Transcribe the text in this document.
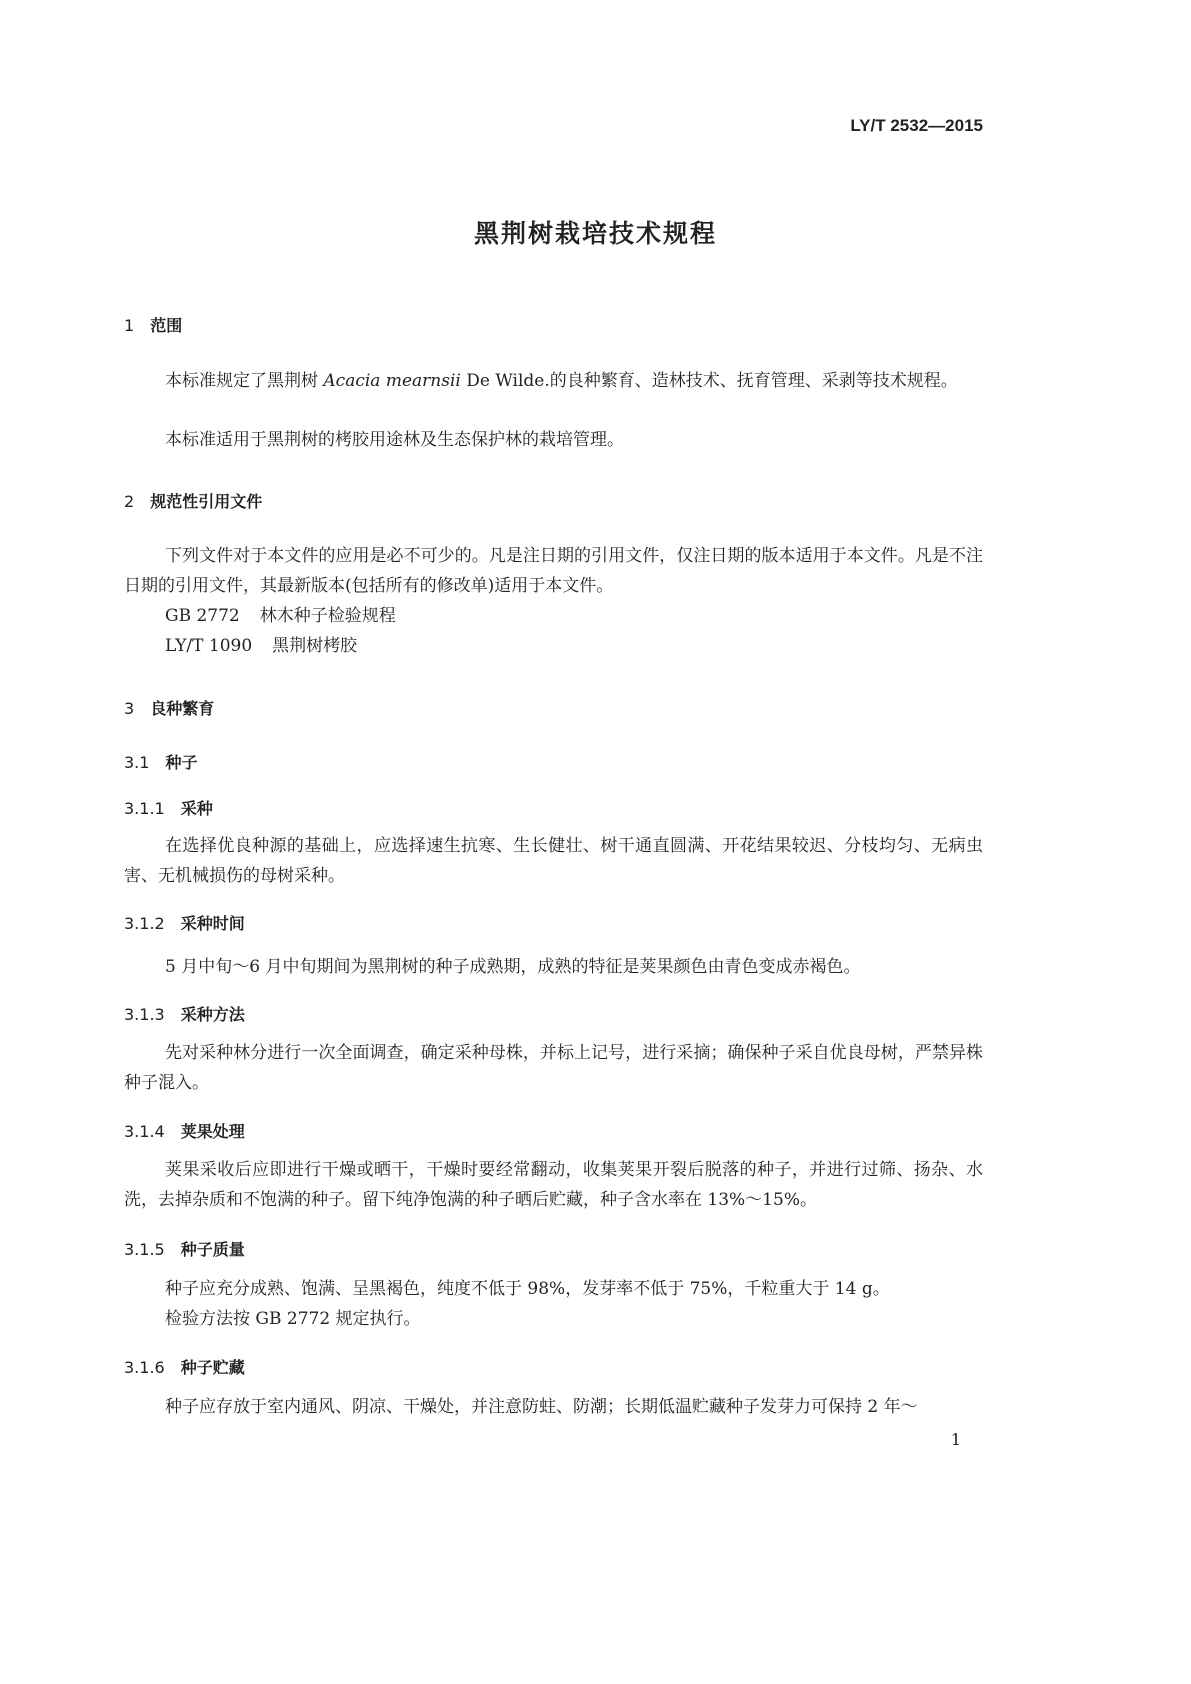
LY/T 2532—2015
黑荆树栽培技术规程
1 范围
本标准规定了黑荆树 Acacia mearnsii De Wilde.的良种繁育、造林技术、抚育管理、采剥等技术规程。
本标准适用于黑荆树的栲胶用途林及生态保护林的栽培管理。
2 规范性引用文件
下列文件对于本文件的应用是必不可少的。凡是注日期的引用文件，仅注日期的版本适用于本文件。凡是不注日期的引用文件，其最新版本(包括所有的修改单)适用于本文件。
GB 2772 林木种子检验规程
LY/T 1090 黑荆树栲胶
3 良种繁育
3.1 种子
3.1.1 采种
在选择优良种源的基础上，应选择速生抗寒、生长健壮、树干通直圆满、开花结果较迟、分枝均匀、无病虫害、无机械损伤的母树采种。
3.1.2 采种时间
5 月中旬～6 月中旬期间为黑荆树的种子成熟期，成熟的特征是荚果颜色由青色变成赤褐色。
3.1.3 采种方法
先对采种林分进行一次全面调查，确定采种母株，并标上记号，进行采摘；确保种子采自优良母树，严禁异株种子混入。
3.1.4 荚果处理
荚果采收后应即进行干燥或晒干，干燥时要经常翻动，收集荚果开裂后脱落的种子，并进行过筛、扬杂、水洗，去掉杂质和不饱满的种子。留下纯净饱满的种子晒后贮藏，种子含水率在 13%～15%。
3.1.5 种子质量
种子应充分成熟、饱满、呈黑褐色，纯度不低于 98%，发芽率不低于 75%，千粒重大于 14 g。
检验方法按 GB 2772 规定执行。
3.1.6 种子贮藏
种子应存放于室内通风、阴凉、干燥处，并注意防蛀、防潮；长期低温贮藏种子发芽力可保持 2 年～
1
